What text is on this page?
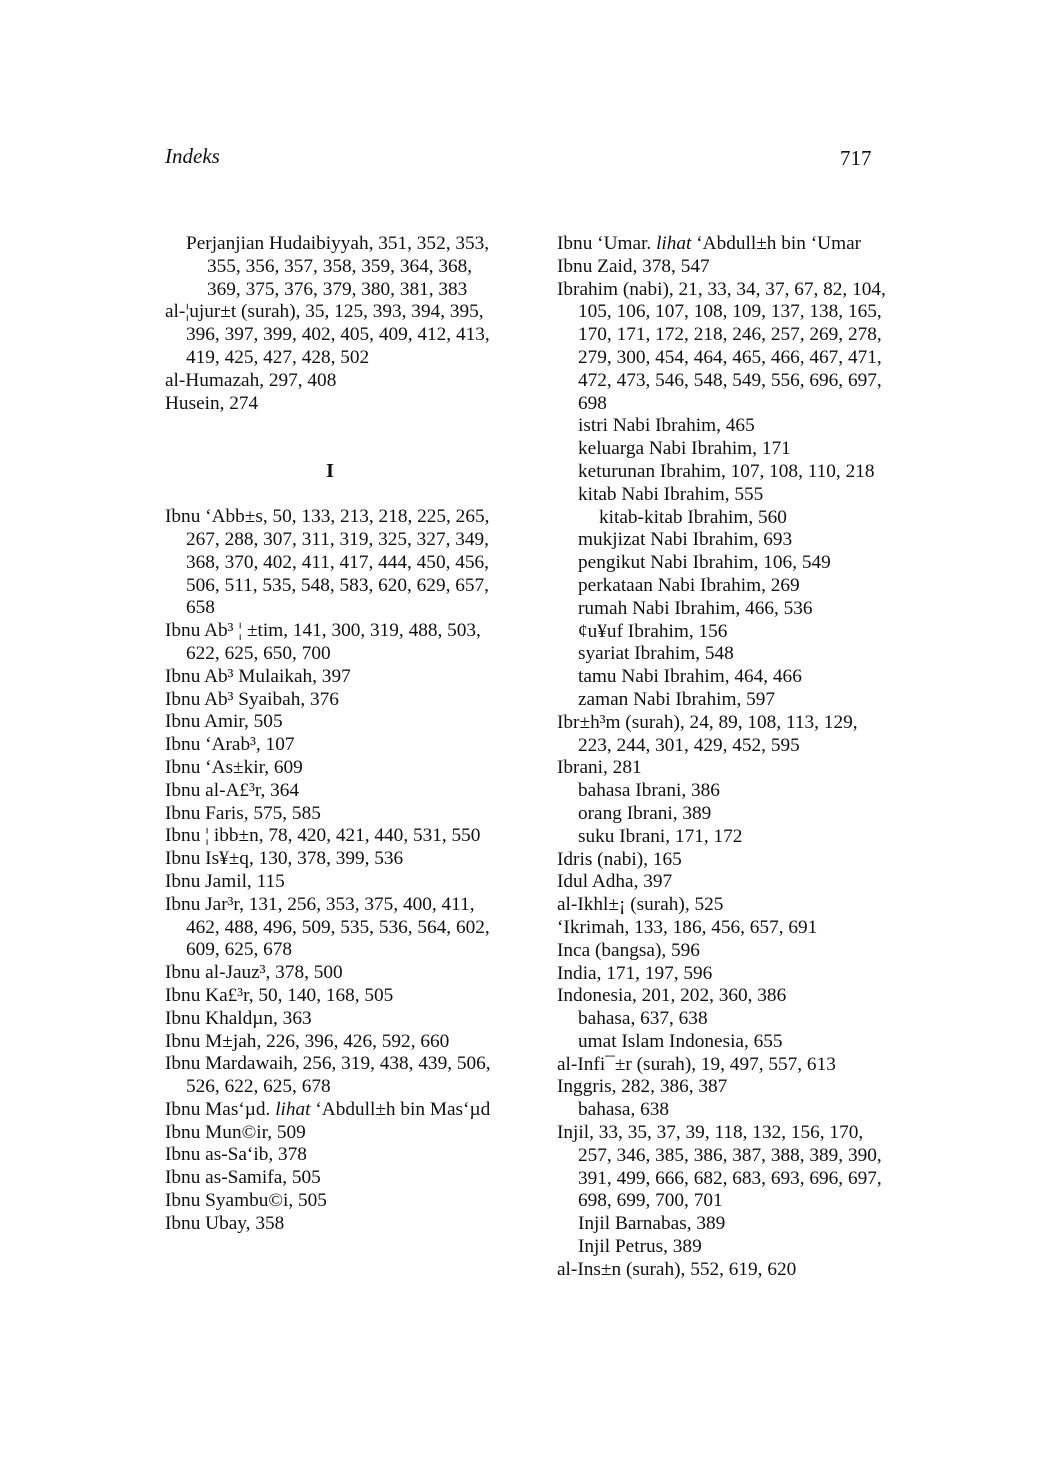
Indeks	717
Perjanjian Hudaibiyyah, 351, 352, 353, 355, 356, 357, 358, 359, 364, 368, 369, 375, 376, 379, 380, 381, 383
al-¦ujur±t (surah), 35, 125, 393, 394, 395, 396, 397, 399, 402, 405, 409, 412, 413, 419, 425, 427, 428, 502
al-Humazah, 297, 408
Husein, 274
I
Ibnu ‘Abb±s, 50, 133, 213, 218, 225, 265, 267, 288, 307, 311, 319, 325, 327, 349, 368, 370, 402, 411, 417, 444, 450, 456, 506, 511, 535, 548, 583, 620, 629, 657, 658
Ibnu Ab³ ¦ ±tim, 141, 300, 319, 488, 503, 622, 625, 650, 700
Ibnu Ab³ Mulaikah, 397
Ibnu Ab³ Syaibah, 376
Ibnu Amir, 505
Ibnu ‘Arab³, 107
Ibnu ‘As±kir, 609
Ibnu al-A£³r, 364
Ibnu Faris, 575, 585
Ibnu ¦ ibb±n, 78, 420, 421, 440, 531, 550
Ibnu Is¥±q, 130, 378, 399, 536
Ibnu Jamil, 115
Ibnu Jar³r, 131, 256, 353, 375, 400, 411, 462, 488, 496, 509, 535, 536, 564, 602, 609, 625, 678
Ibnu al-Jauz³, 378, 500
Ibnu Ka£³r, 50, 140, 168, 505
Ibnu Khaldµn, 363
Ibnu M±jah, 226, 396, 426, 592, 660
Ibnu Mardawaih, 256, 319, 438, 439, 506, 526, 622, 625, 678
Ibnu Mas‘µd. lihat ‘Abdull±h bin Mas‘µd
Ibnu Mun©ir, 509
Ibnu as-Sa‘ib, 378
Ibnu as-Samifa, 505
Ibnu Syambu©i, 505
Ibnu Ubay, 358
Ibnu ‘Umar. lihat ‘Abdull±h bin ‘Umar
Ibnu Zaid, 378, 547
Ibrahim (nabi), 21, 33, 34, 37, 67, 82, 104, 105, 106, 107, 108, 109, 137, 138, 165, 170, 171, 172, 218, 246, 257, 269, 278, 279, 300, 454, 464, 465, 466, 467, 471, 472, 473, 546, 548, 549, 556, 696, 697, 698
istri Nabi Ibrahim, 465
keluarga Nabi Ibrahim, 171
keturunan Ibrahim, 107, 108, 110, 218
kitab Nabi Ibrahim, 555
kitab-kitab Ibrahim, 560
mukjizat Nabi Ibrahim, 693
pengikut Nabi Ibrahim, 106, 549
perkataan Nabi Ibrahim, 269
rumah Nabi Ibrahim, 466, 536
¢u¥uf Ibrahim, 156
syariat Ibrahim, 548
tamu Nabi Ibrahim, 464, 466
zaman Nabi Ibrahim, 597
Ibr±h³m (surah), 24, 89, 108, 113, 129, 223, 244, 301, 429, 452, 595
Ibrani, 281
bahasa Ibrani, 386
orang Ibrani, 389
suku Ibrani, 171, 172
Idris (nabi), 165
Idul Adha, 397
al-Ikhl±¡ (surah), 525
‘Ikrimah, 133, 186, 456, 657, 691
Inca (bangsa), 596
India, 171, 197, 596
Indonesia, 201, 202, 360, 386
bahasa, 637, 638
umat Islam Indonesia, 655
al-Infi¯±r (surah), 19, 497, 557, 613
Inggris, 282, 386, 387
bahasa, 638
Injil, 33, 35, 37, 39, 118, 132, 156, 170, 257, 346, 385, 386, 387, 388, 389, 390, 391, 499, 666, 682, 683, 693, 696, 697, 698, 699, 700, 701
Injil Barnabas, 389
Injil Petrus, 389
al-Ins±n (surah), 552, 619, 620
